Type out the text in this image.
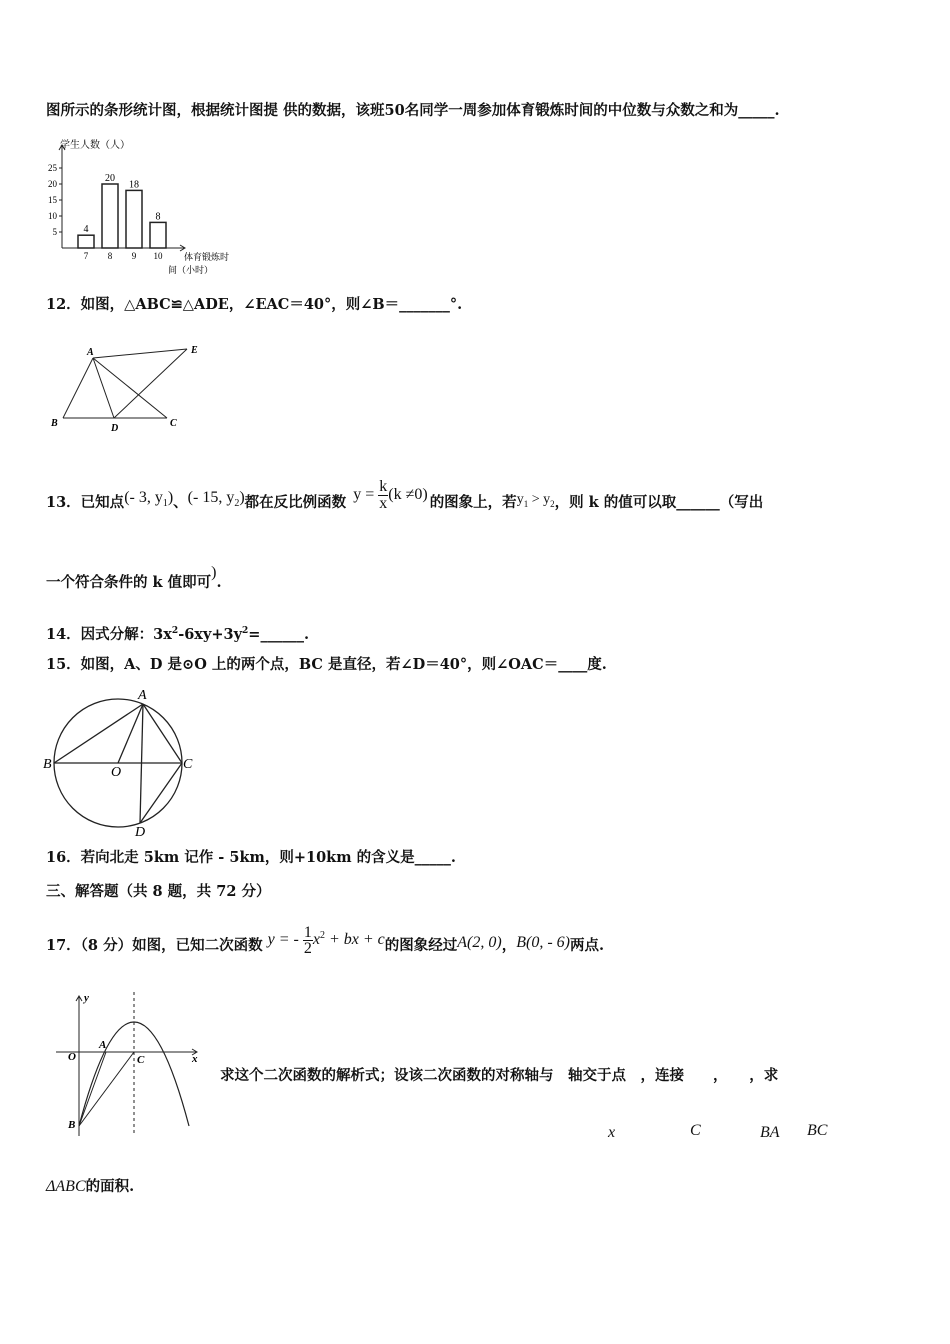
图所示的条形统计图，根据统计图提 供的数据，该班50名同学一周参加体育锻炼时间的中位数与众数之和为_____.
学生人数（人）
25
20
15
10
5	4
7
20
8
18
9
8
10 体育锻炼时
间（小时）
12．如图，△ABC≌△ADE，∠EAC＝40°，则∠B＝_______°.
A
B	C
D
E
13．已知点(- 3, $y_1$)、(- 15, $y_2$)都在反比例函数 $y = \frac{k}{x} (k \ne 0)$ 的图象上，若$y_1 > y_2$，则 k 的值可以取______（写出
一个符合条件的 k 值即可).
14．因式分解：$3x^2-6xy+3y^2=\_\_\_\_\_\_$.
15．如图，A、D 是⊙O 上的两个点，BC 是直径，若∠D＝40°，则∠OAC＝____度.
A
B	C
D
O
16．若向北走 5km 记作 - 5km，则+10km 的含义是_____.
三、解答题（共 8 题，共 72 分）
17．（8 分）如图，已知二次函数 y = - $\frac{1}{2} x^2$ + bx + c的图象经过A(2, 0)，B(0, - 6)两点.
y
x
O
A
C
B
求这个二次函数的解析式；设该二次函数的对称轴与　轴交于点　，连接　　，　　，求
x	C	BA BC
ΔABC的面积.
